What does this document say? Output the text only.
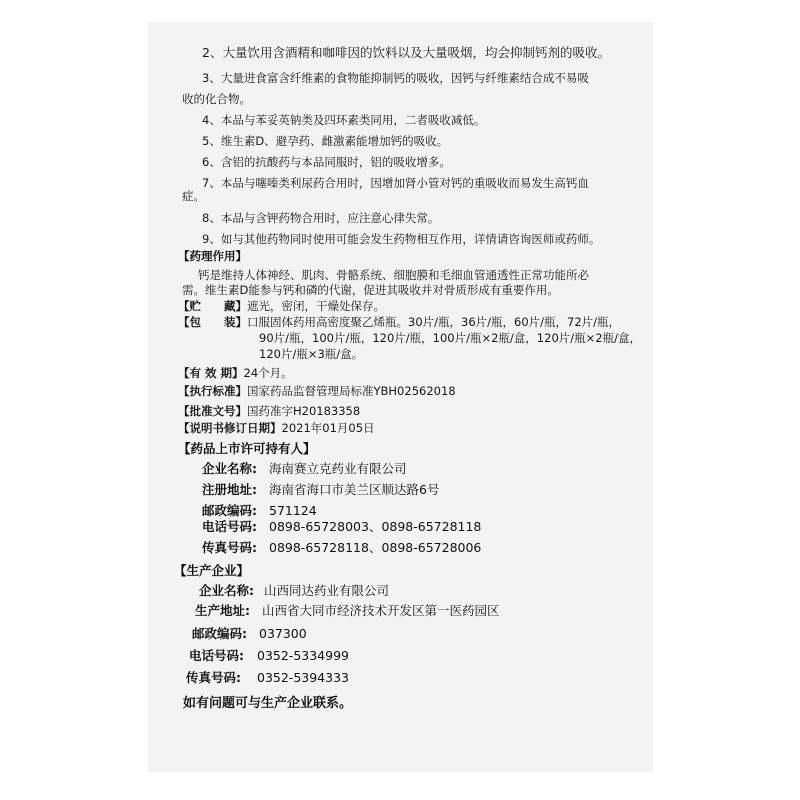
2、大量饮用含酒精和咖啡因的饮料以及大量吸烟，均会抑制钙剂的吸收。
3、大量进食富含纤维素的食物能抑制钙的吸收，因钙与纤维素结合成不易吸
收的化合物。
4、本品与苯妥英钠类及四环素类同用，二者吸收减低。
5、维生素D、避孕药、雌激素能增加钙的吸收。
6、含铝的抗酸药与本品同服时，铝的吸收增多。
7、本品与噻嗪类利尿药合用时，因增加肾小管对钙的重吸收而易发生高钙血
症。
8、本品与含钾药物合用时，应注意心律失常。
9、如与其他药物同时使用可能会发生药物相互作用，详情请咨询医师或药师。
【药理作用】
钙是维持人体神经、肌肉、骨骼系统、细胞膜和毛细血管通透性正常功能所必
需。维生素D能参与钙和磷的代谢，促进其吸收并对骨质形成有重要作用。
【贮　　藏】遮光，密闭，干燥处保存。
【包　　装】口服固体药用高密度聚乙烯瓶。30片/瓶，36片/瓶，60片/瓶，72片/瓶，
90片/瓶，100片/瓶，120片/瓶，100片/瓶×2瓶/盒，120片/瓶×2瓶/盒，
120片/瓶×3瓶/盒。
【有 效 期】24个月。
【执行标准】国家药品监督管理局标准YBH02562018
【批准文号】国药准字H20183358
【说明书修订日期】2021年01月05日
【药品上市许可持有人】
企业名称: 海南赛立克药业有限公司
注册地址: 海南省海口市美兰区顺达路6号
邮政编码: 571124
电话号码: 0898-65728003、0898-65728118
传真号码: 0898-65728118、0898-65728006
【生产企业】
企业名称: 山西同达药业有限公司
生产地址: 山西省大同市经济技术开发区第一医药园区
邮政编码: 037300
电话号码: 0352-5334999
传真号码: 0352-5394333
如有问题可与生产企业联系。
